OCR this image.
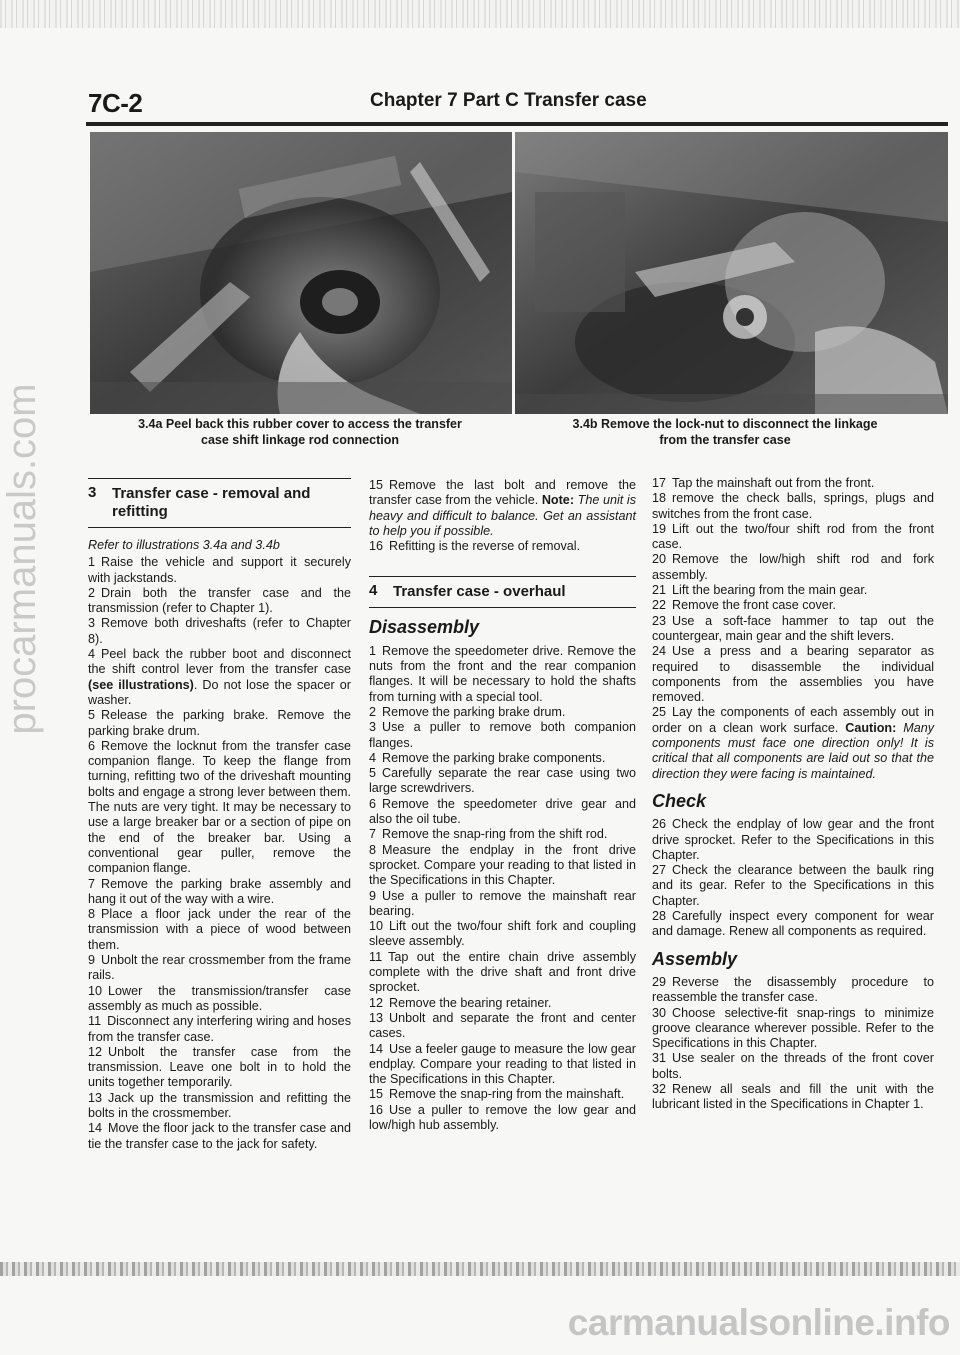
7C-2	Chapter 7 Part C Transfer case
procarmanuals.com	3.4a Peel back this rubber cover to access the transfer
case shift linkage rod connection
3.4b Remove the lock-nut to disconnect the linkage
from the transfer case
3 Transfer case - removal and refitting

Refer to illustrations 3.4a and 3.4b

1 Raise the vehicle and support it securely with jackstands.

2 Drain both the transfer case and the transmission (refer to Chapter 1).

3 Remove both driveshafts (refer to Chapter 8).

4 Peel back the rubber boot and disconnect the shift control lever from the transfer case (see illustrations). Do not lose the spacer or washer.

5 Release the parking brake. Remove the parking brake drum.

6 Remove the locknut from the transfer case companion flange. To keep the flange from turning, refitting two of the driveshaft mounting bolts and engage a strong lever between them. The nuts are very tight. It may be necessary to use a large breaker bar or a section of pipe on the end of the breaker bar. Using a conventional gear puller, remove the companion flange.

7 Remove the parking brake assembly and hang it out of the way with a wire.

8 Place a floor jack under the rear of the transmission with a piece of wood between them.

9 Unbolt the rear crossmember from the frame rails.

10 Lower the transmission/transfer case assembly as much as possible.

11 Disconnect any interfering wiring and hoses from the transfer case.

12 Unbolt the transfer case from the transmission. Leave one bolt in to hold the units together temporarily.

13 Jack up the transmission and refitting the bolts in the crossmember.

14 Move the floor jack to the transfer case and tie the transfer case to the jack for safety.

15 Remove the last bolt and remove the transfer case from the vehicle. Note: The unit is heavy and difficult to balance. Get an assistant to help you if possible.

16 Refitting is the reverse of removal.

4 Transfer case - overhaul
Disassembly

1 Remove the speedometer drive. Remove the nuts from the front and the rear companion flanges. It will be necessary to hold the shafts from turning with a special tool.

2 Remove the parking brake drum.

3 Use a puller to remove both companion flanges.

4 Remove the parking brake components.

5 Carefully separate the rear case using two large screwdrivers.

6 Remove the speedometer drive gear and also the oil tube.

7 Remove the snap-ring from the shift rod.

8 Measure the endplay in the front drive sprocket. Compare your reading to that listed in the Specifications in this Chapter.

9 Use a puller to remove the mainshaft rear bearing.

10 Lift out the two/four shift fork and coupling sleeve assembly.

11 Tap out the entire chain drive assembly complete with the drive shaft and front drive sprocket.

12 Remove the bearing retainer.

13 Unbolt and separate the front and center cases.

14 Use a feeler gauge to measure the low gear endplay. Compare your reading to that listed in the Specifications in this Chapter.

15 Remove the snap-ring from the mainshaft.

16 Use a puller to remove the low gear and low/high hub assembly.

17 Tap the mainshaft out from the front.

18 remove the check balls, springs, plugs and switches from the front case.

19 Lift out the two/four shift rod from the front case.

20 Remove the low/high shift rod and fork assembly.

21 Lift the bearing from the main gear.

22 Remove the front case cover.

23 Use a soft-face hammer to tap out the countergear, main gear and the shift levers.

24 Use a press and a bearing separator as required to disassemble the individual components from the assemblies you have removed.

25 Lay the components of each assembly out in order on a clean work surface. Caution: Many components must face one direction only! It is critical that all components are laid out so that the direction they were facing is maintained.

Check

26 Check the endplay of low gear and the front drive sprocket. Refer to the Specifications in this Chapter.

27 Check the clearance between the baulk ring and its gear. Refer to the Specifications in this Chapter.

28 Carefully inspect every component for wear and damage. Renew all components as required.

Assembly

29 Reverse the disassembly procedure to reassemble the transfer case.

30 Choose selective-fit snap-rings to minimize groove clearance wherever possible. Refer to the Specifications in this Chapter.

31 Use sealer on the threads of the front cover bolts.

32 Renew all seals and fill the unit with the lubricant listed in the Specifications in Chapter 1.

carmanualsonline.info
